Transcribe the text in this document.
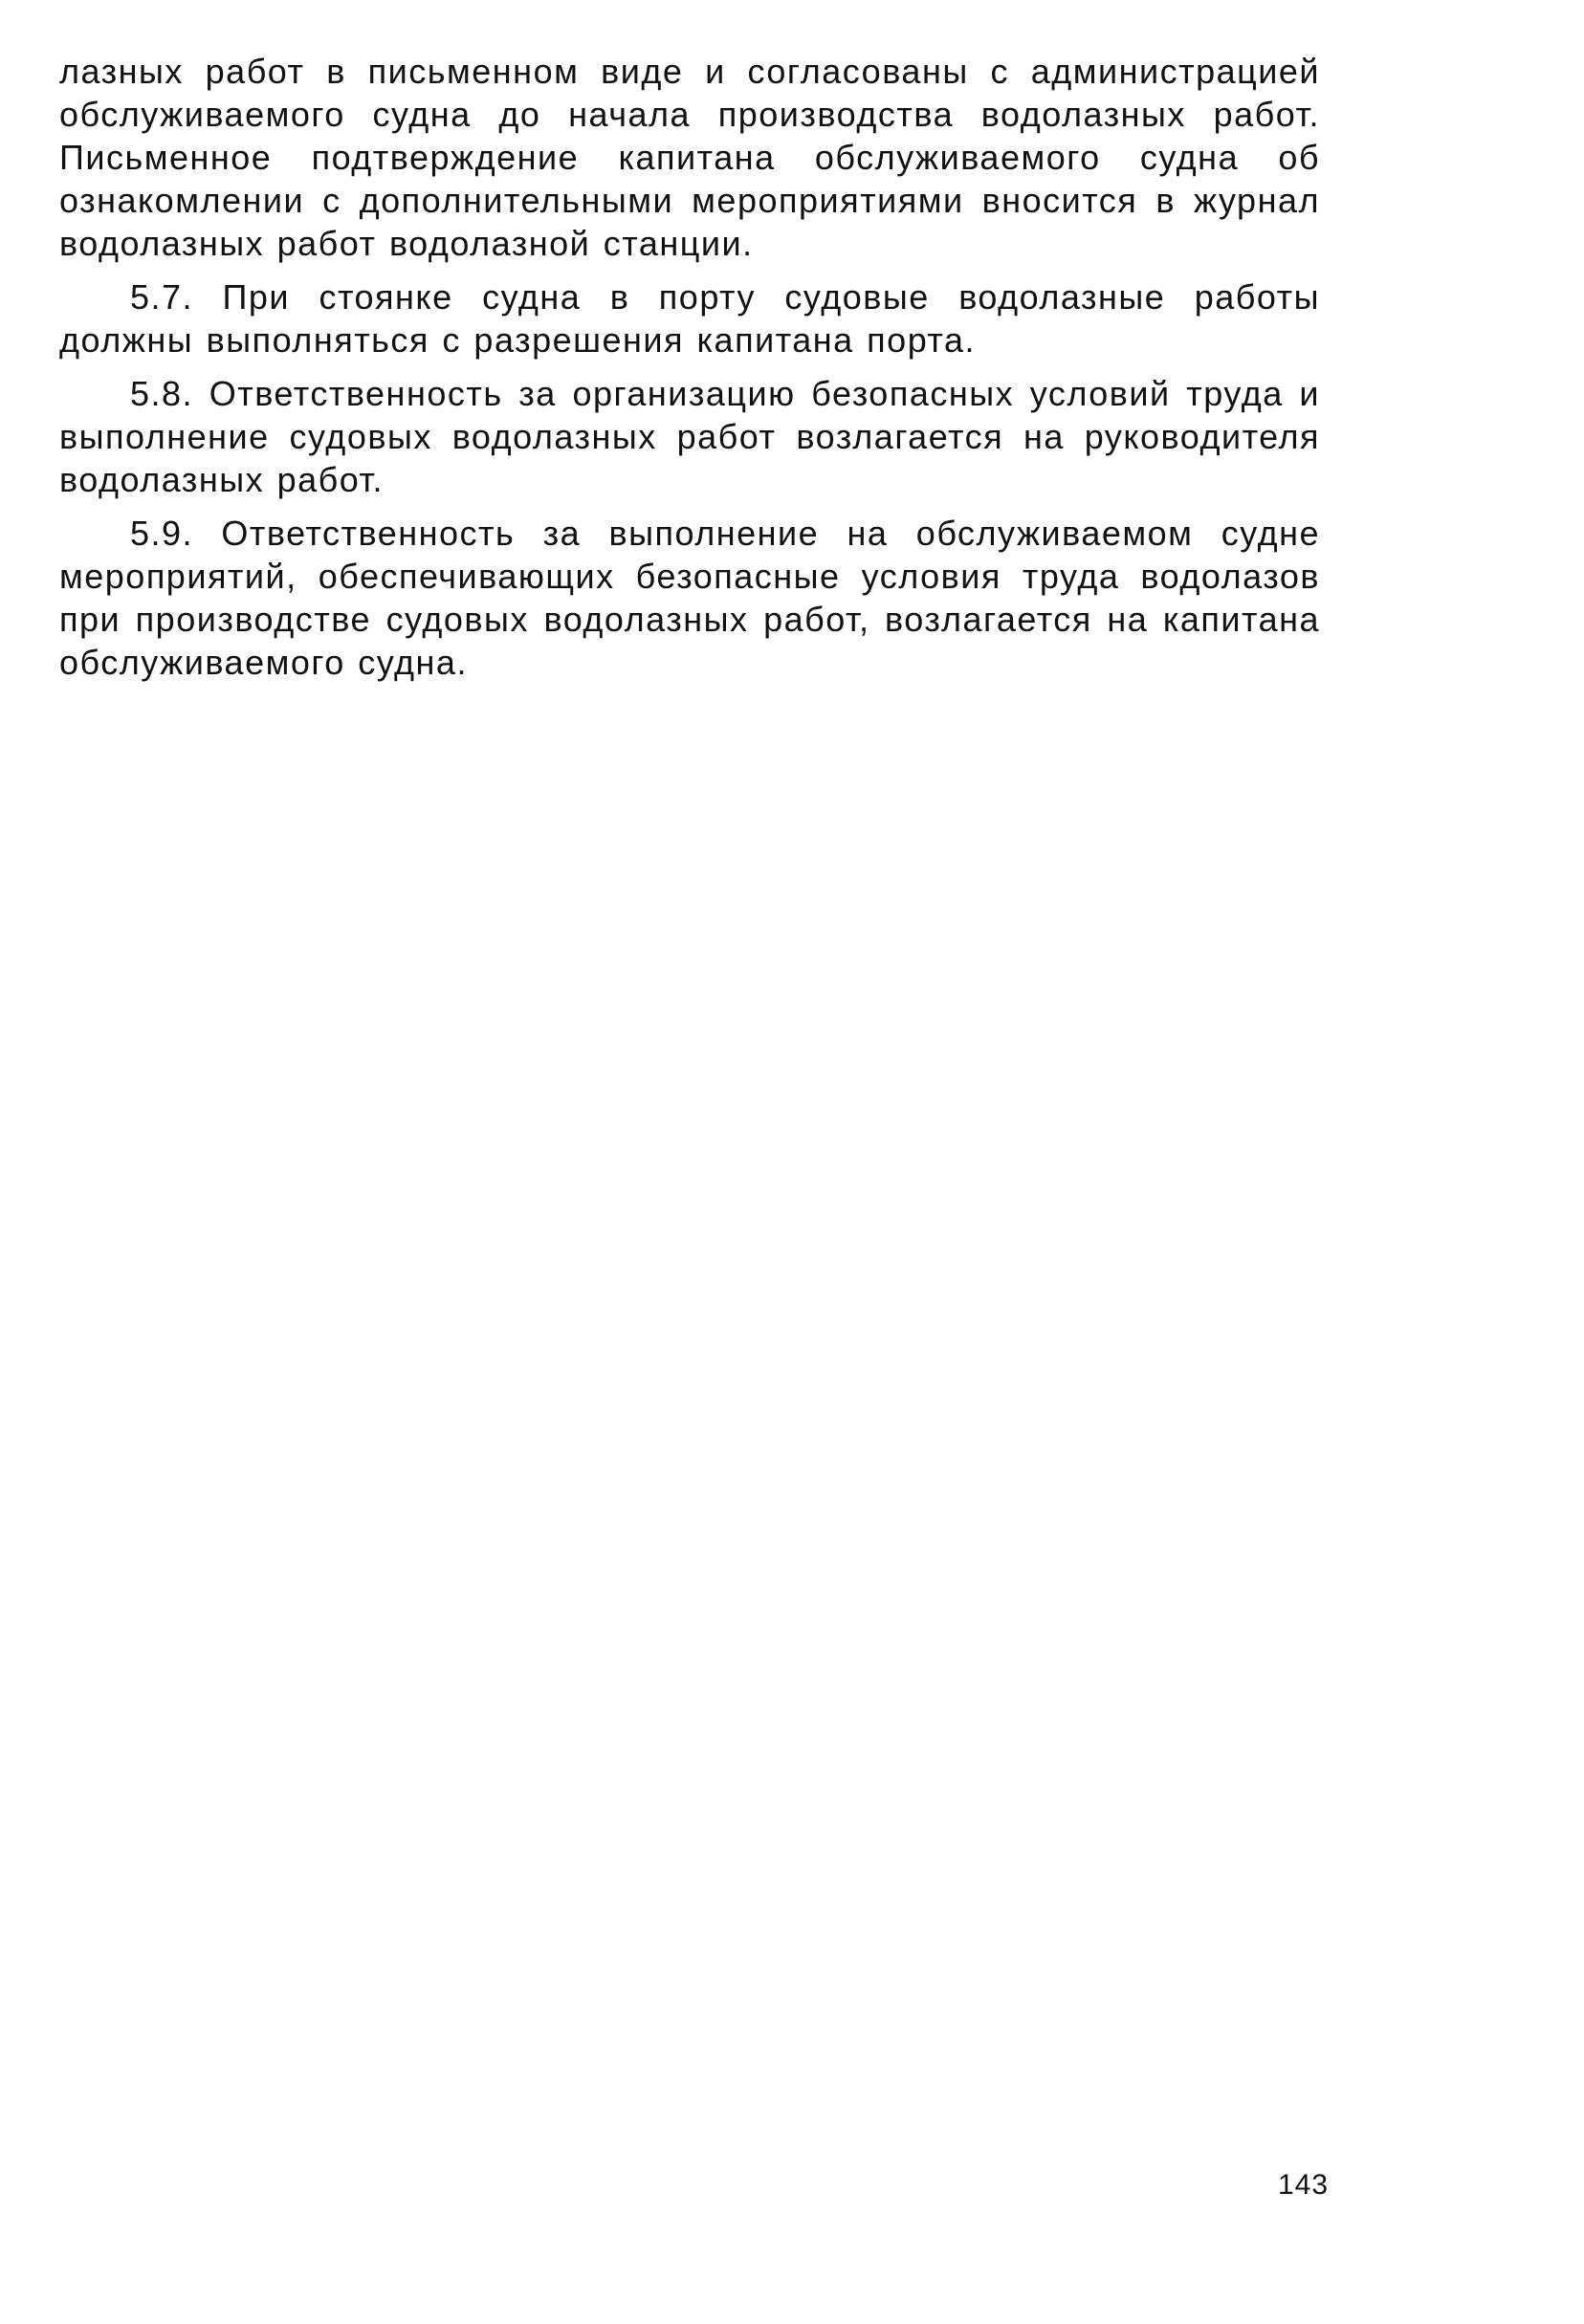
лазных работ в письменном виде и согласованы с администрацией обслуживаемого судна до начала производства водолазных работ. Письменное подтверждение капитана обслуживаемого судна об ознакомлении с дополнительными мероприятиями вносится в журнал водолазных работ водолазной станции.

5.7. При стоянке судна в порту судовые водолазные работы должны выполняться с разрешения капитана порта.

5.8. Ответственность за организацию безопасных условий труда и выполнение судовых водолазных работ возлагается на руководителя водолазных работ.

5.9. Ответственность за выполнение на обслуживаемом судне мероприятий, обеспечивающих безопасные условия труда водолазов при производстве судовых водолазных работ, возлагается на капитана обслуживаемого судна.

143
